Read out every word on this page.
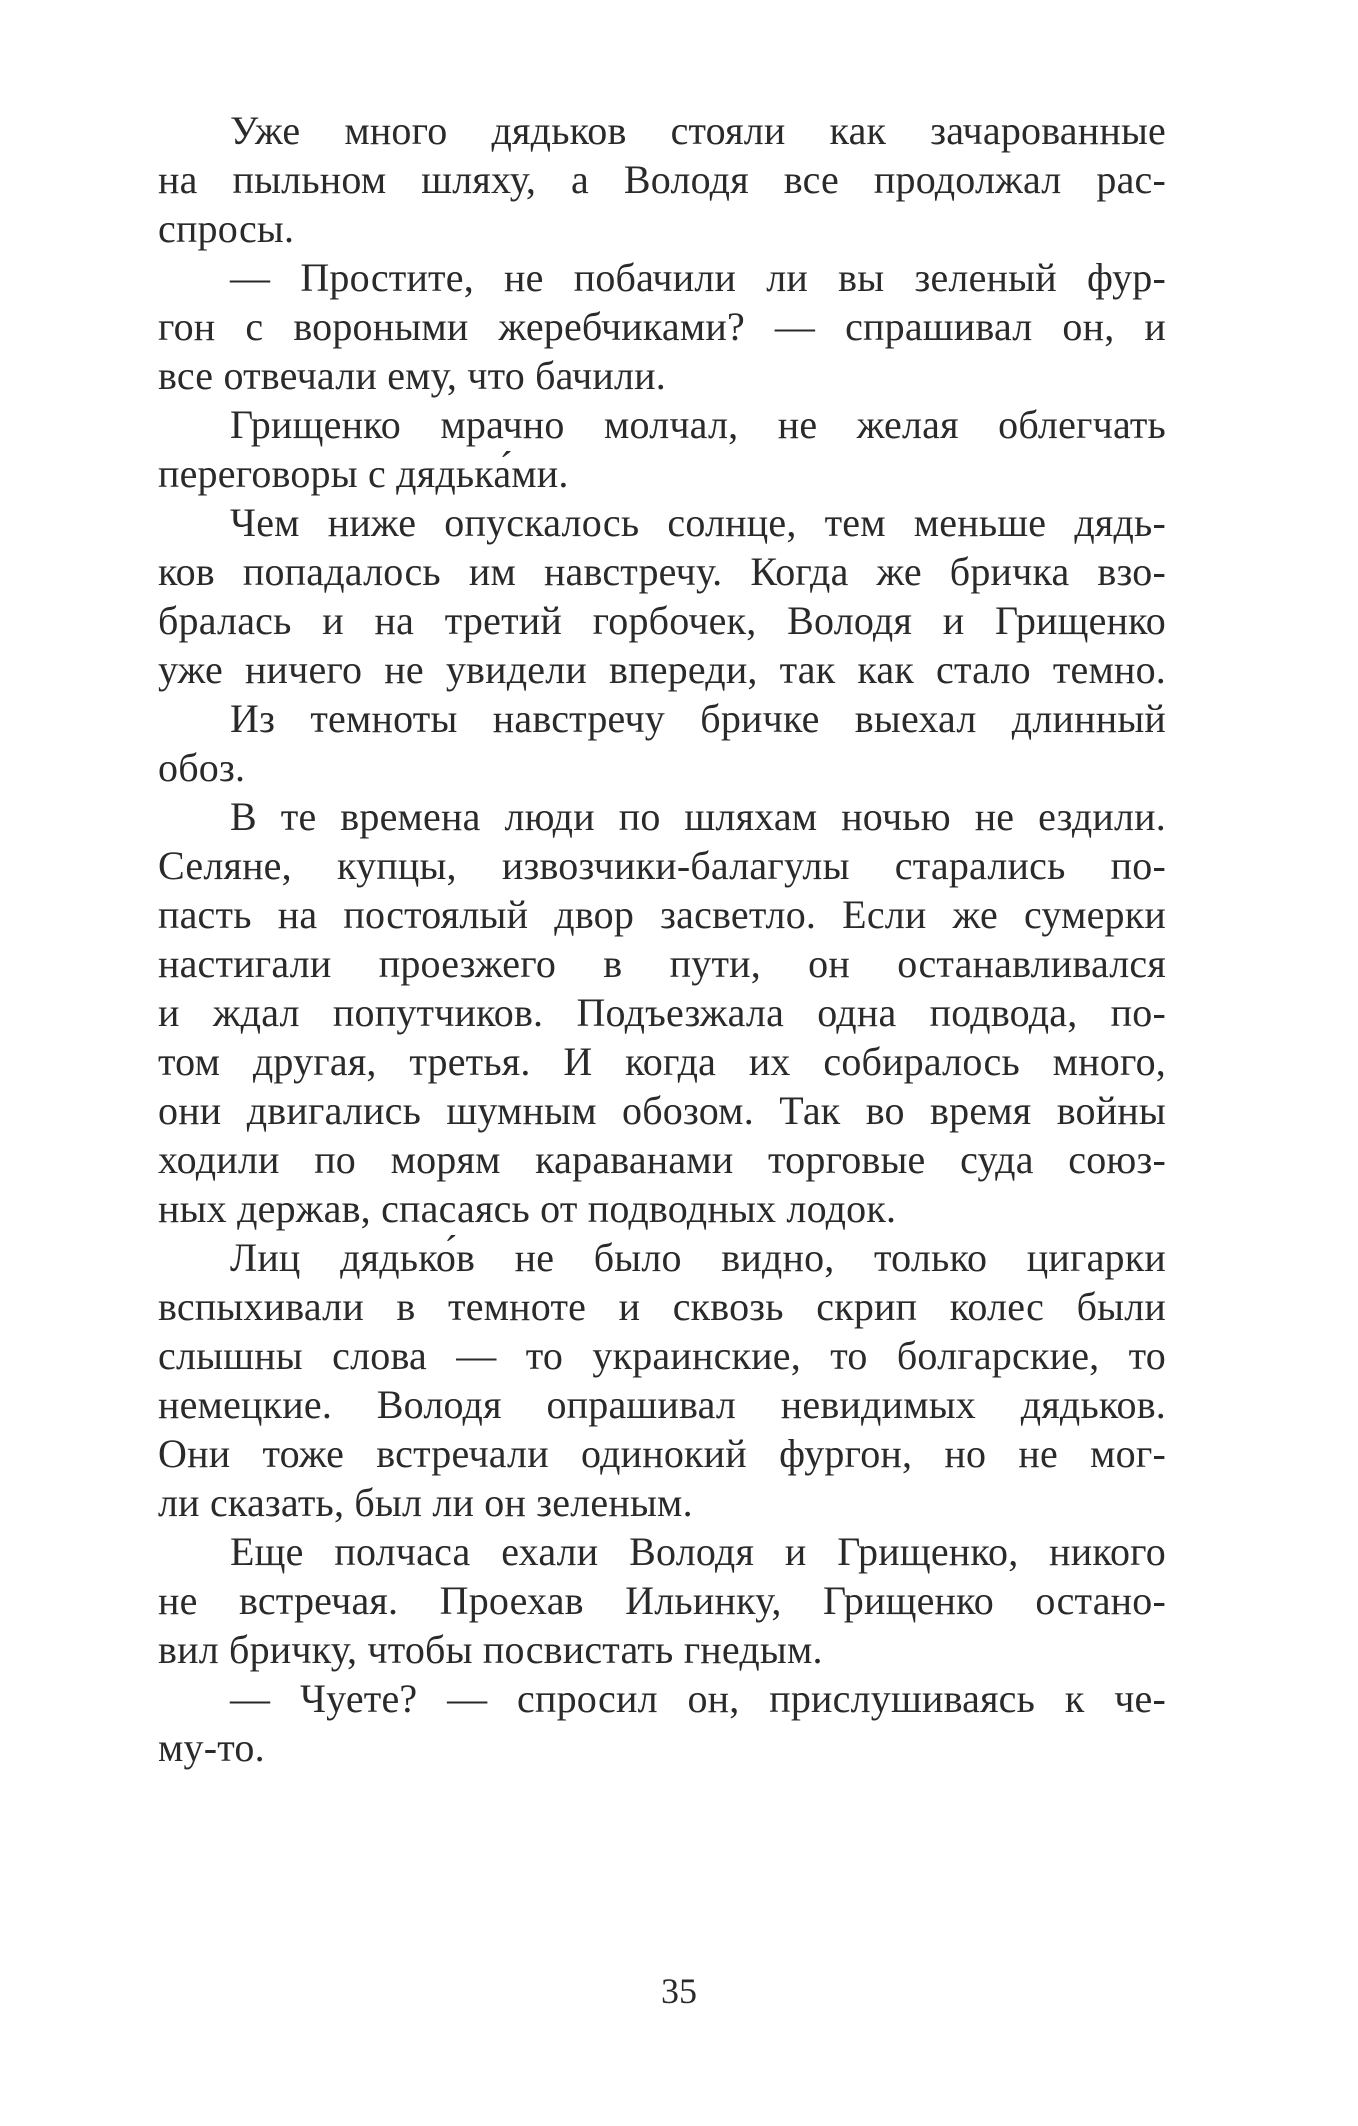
Уже много дядьков стояли как зачарованные
на пыльном шляху, а Володя все продолжал рас-
спросы.
— Простите, не побачили ли вы зеленый фур-
гон с вороными жеребчиками? — спрашивал он, и
все отвечали ему, что бачили.
Грищенко мрачно молчал, не желая облегчать
переговоры с дядька́ми.
Чем ниже опускалось солнце, тем меньше дядь-
ков попадалось им навстречу. Когда же бричка взо-
бралась и на третий горбочек, Володя и Грищенко
уже ничего не увидели впереди, так как стало темно.
Из темноты навстречу бричке выехал длинный
обоз.
В те времена люди по шляхам ночью не ездили.
Селяне, купцы, извозчики-балагулы старались по-
пасть на постоялый двор засветло. Если же сумерки
настигали проезжего в пути, он останавливался
и ждал попутчиков. Подъезжала одна подвода, по-
том другая, третья. И когда их собиралось много,
они двигались шумным обозом. Так во время войны
ходили по морям караванами торговые суда союз-
ных держав, спасаясь от подводных лодок.
Лиц дядько́в не было видно, только цигарки
вспыхивали в темноте и сквозь скрип колес были
слышны слова — то украинские, то болгарские, то
немецкие. Володя опрашивал невидимых дядьков.
Они тоже встречали одинокий фургон, но не мог-
ли сказать, был ли он зеленым.
Еще полчаса ехали Володя и Грищенко, никого
не встречая. Проехав Ильинку, Грищенко остано-
вил бричку, чтобы посвистать гнедым.
— Чуете? — спросил он, прислушиваясь к че-
му-то.
35
